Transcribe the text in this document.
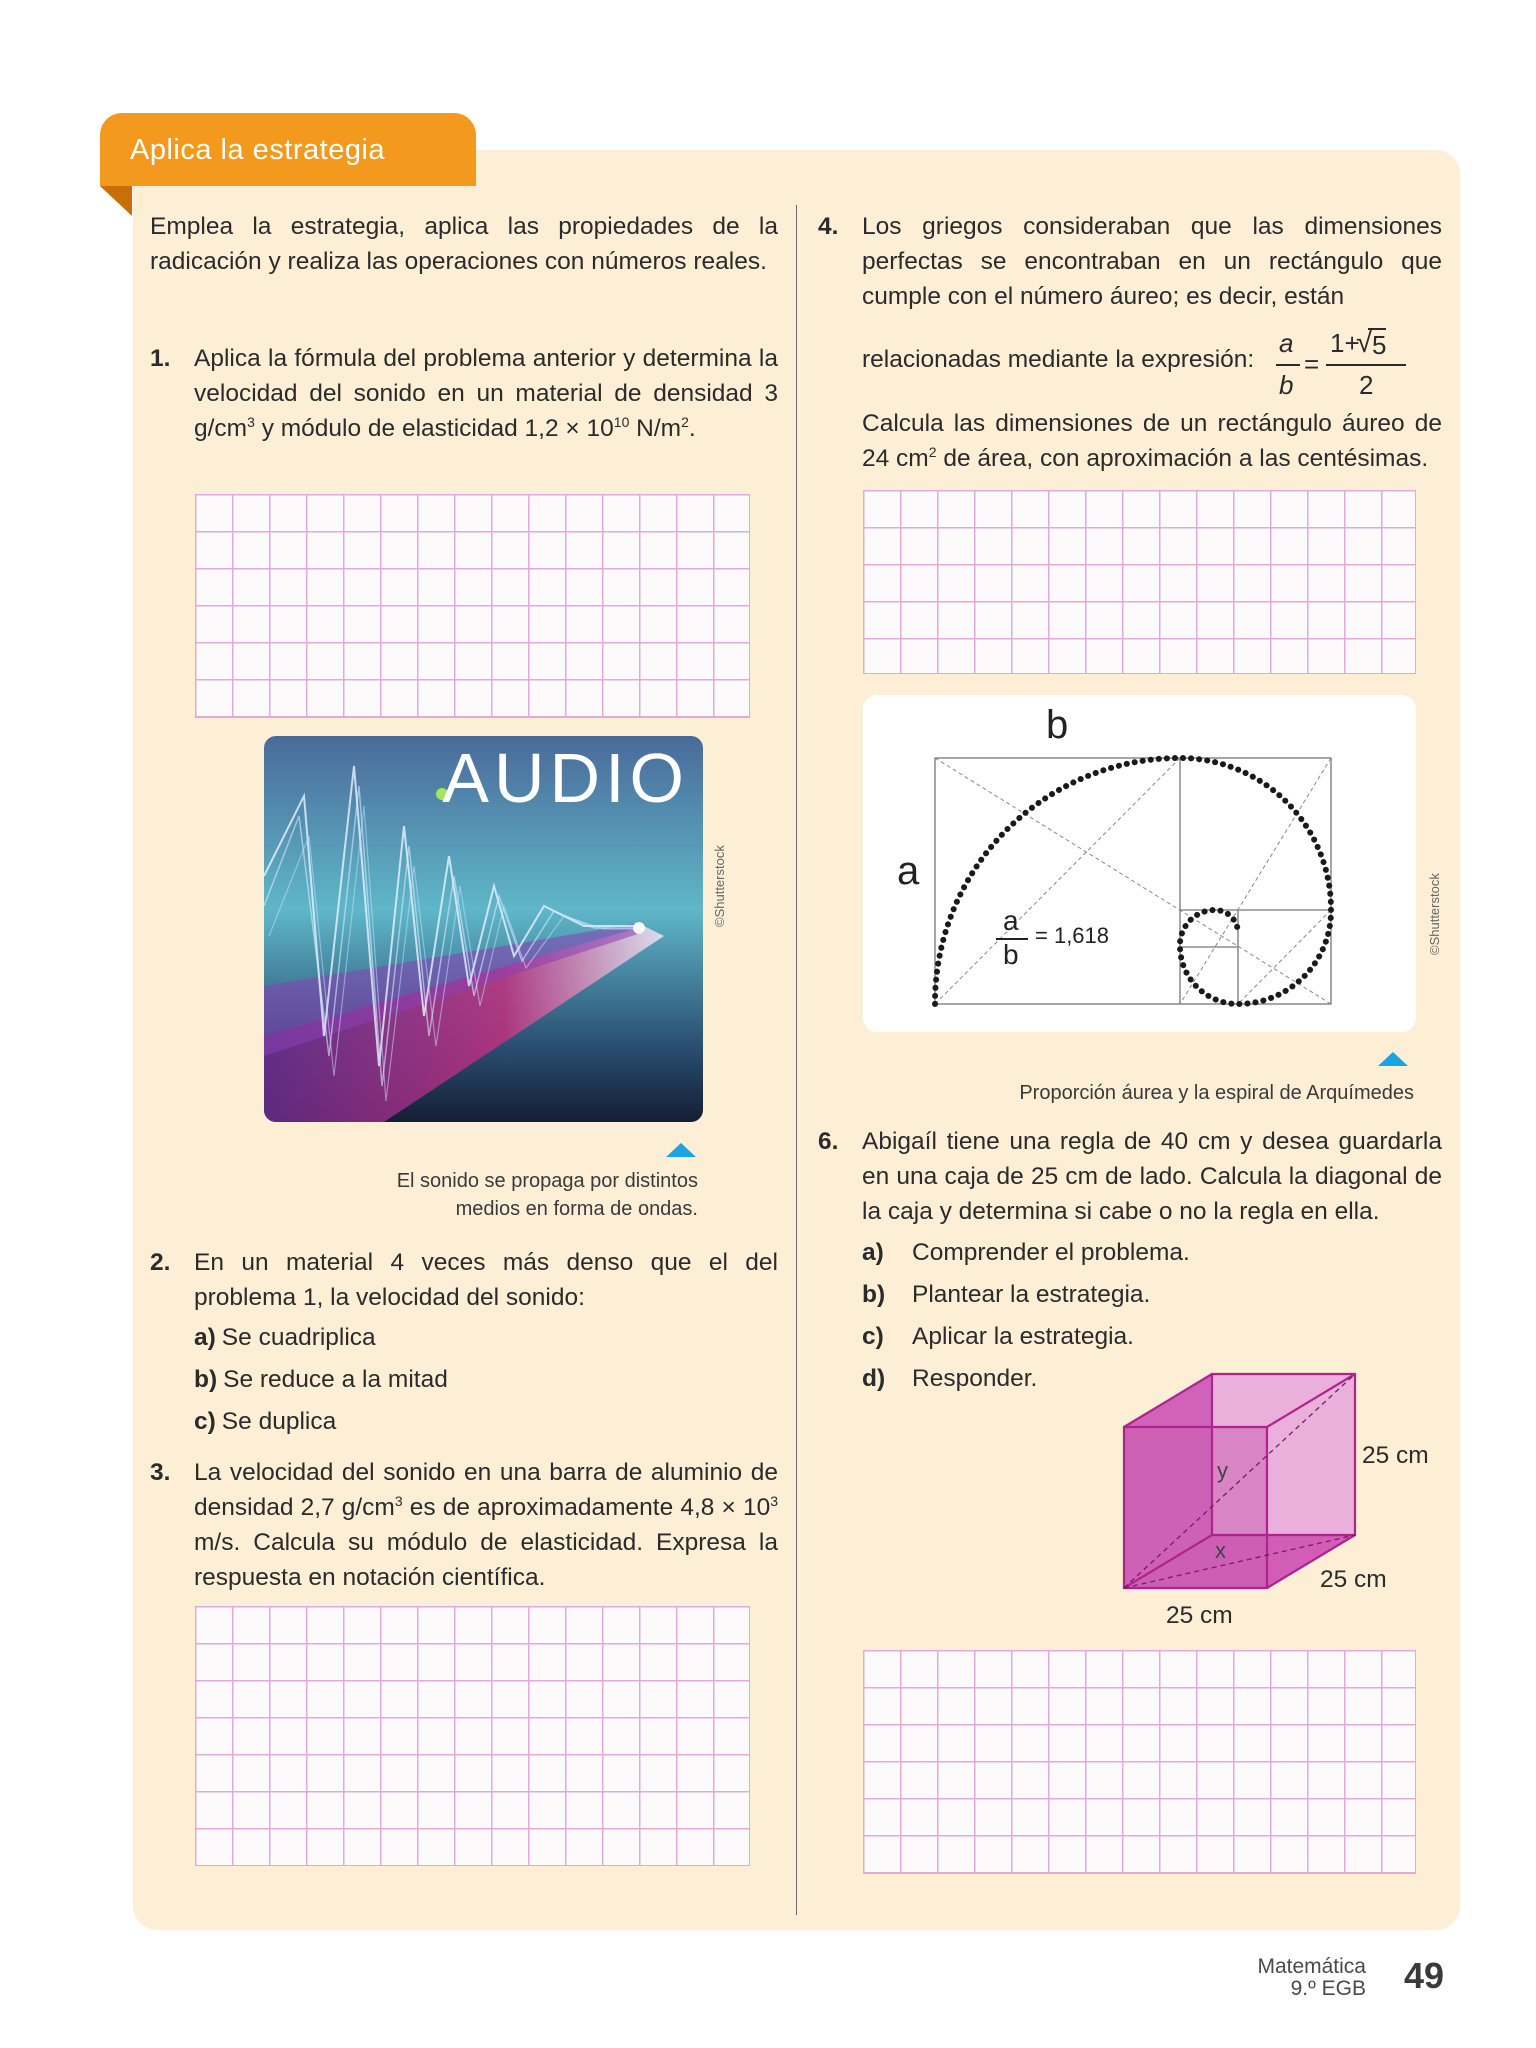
Aplica la estrategia

Emplea la estrategia, aplica las propiedades de la radicación y realiza las operaciones con números reales.

1. Aplica la fórmula del problema anterior y determina la velocidad del sonido en un material de densidad 3 $g/cm^3$ y módulo de elasticidad $1,2 \times 10^{10}$ $N/m^2$.

AUDIO
©Shutterstock
El sonido se propaga por distintos
medios en forma de ondas.
2. En un material 4 veces más denso que el del problema 1, la velocidad del sonido:

a) Se cuadriplica
b) Se reduce a la mitad
c) Se duplica
3. La velocidad del sonido en una barra de aluminio de densidad 2,7 $g/cm^3$ es de aproximadamente $4,8 \times 10^3$ m/s. Calcula su módulo de elasticidad. Expresa la respuesta en notación científica.

4. Los griegos consideraban que las dimensiones perfectas se encontraban en un rectángulo que cumple con el número áureo; es decir, están

relacionadas mediante la expresión:

a
b
=
1+ 5
√
2

Calcula las dimensiones de un rectángulo áureo de 24 $cm^2$ de área, con aproximación a las centésimas.

b
a
a
b
= 1,618	©Shutterstock
Proporción áurea y la espiral de Arquímedes
6. Abigaíl tiene una regla de 40 cm y desea guardarla en una caja de 25 cm de lado. Calcula la diagonal de la caja y determina si cabe o no la regla en ella.

a) Comprender el problema.
b) Plantear la estrategia.
c) Aplicar la estrategia.
d) Responder.
y
x
25 cm
25 cm
25 cm
Matemática
9.º EGB 49
